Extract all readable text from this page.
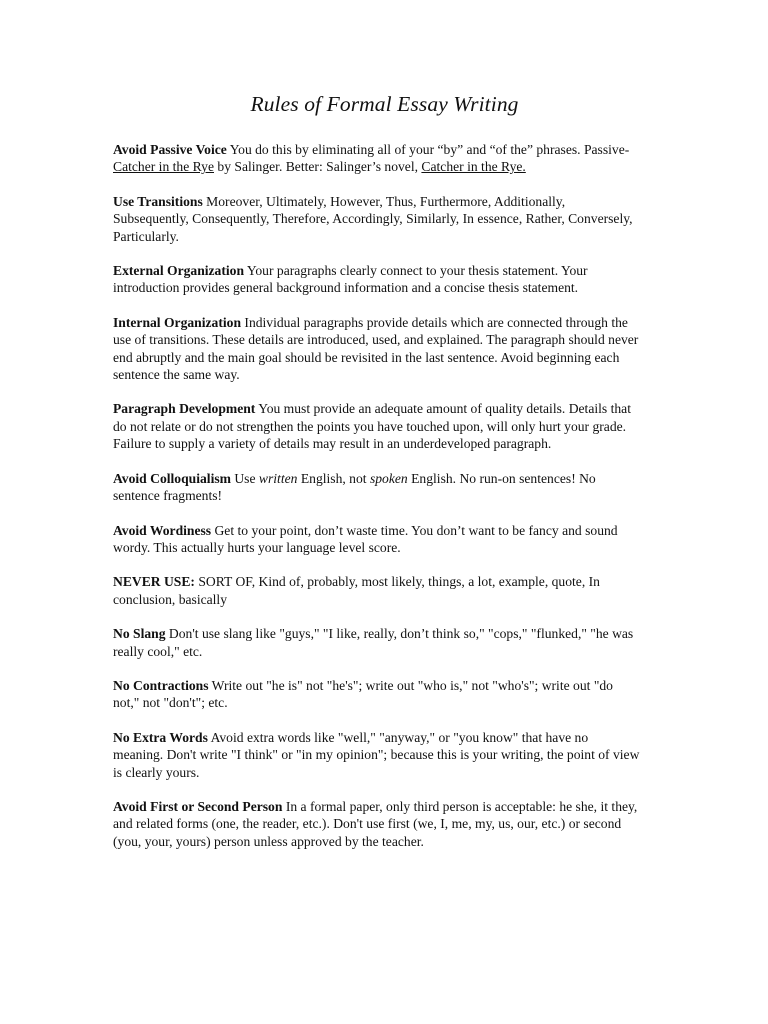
Rules of Formal Essay Writing

Avoid Passive Voice You do this by eliminating all of your “by” and “of the” phrases. Passive- Catcher in the Rye by Salinger. Better: Salinger’s novel, Catcher in the Rye.

Use Transitions Moreover, Ultimately, However, Thus, Furthermore, Additionally, Subsequently, Consequently, Therefore, Accordingly, Similarly, In essence, Rather, Conversely, Particularly.

External Organization Your paragraphs clearly connect to your thesis statement. Your introduction provides general background information and a concise thesis statement.

Internal Organization Individual paragraphs provide details which are connected through the use of transitions. These details are introduced, used, and explained. The paragraph should never end abruptly and the main goal should be revisited in the last sentence. Avoid beginning each sentence the same way.

Paragraph Development You must provide an adequate amount of quality details. Details that do not relate or do not strengthen the points you have touched upon, will only hurt your grade. Failure to supply a variety of details may result in an underdeveloped paragraph.

Avoid Colloquialism Use written English, not spoken English. No run-on sentences! No sentence fragments!

Avoid Wordiness Get to your point, don’t waste time. You don’t want to be fancy and sound wordy. This actually hurts your language level score.

NEVER USE: SORT OF, Kind of, probably, most likely, things, a lot, example, quote, In conclusion, basically

No Slang Don't use slang like "guys," "I like, really, don’t think so," "cops," "flunked," "he was really cool," etc.

No Contractions Write out "he is" not "he's"; write out "who is," not "who's"; write out "do not," not "don't"; etc.

No Extra Words Avoid extra words like "well," "anyway," or "you know" that have no meaning. Don't write "I think" or "in my opinion"; because this is your writing, the point of view is clearly yours.

Avoid First or Second Person In a formal paper, only third person is acceptable: he she, it they, and related forms (one, the reader, etc.). Don't use first (we, I, me, my, us, our, etc.) or second (you, your, yours) person unless approved by the teacher.
